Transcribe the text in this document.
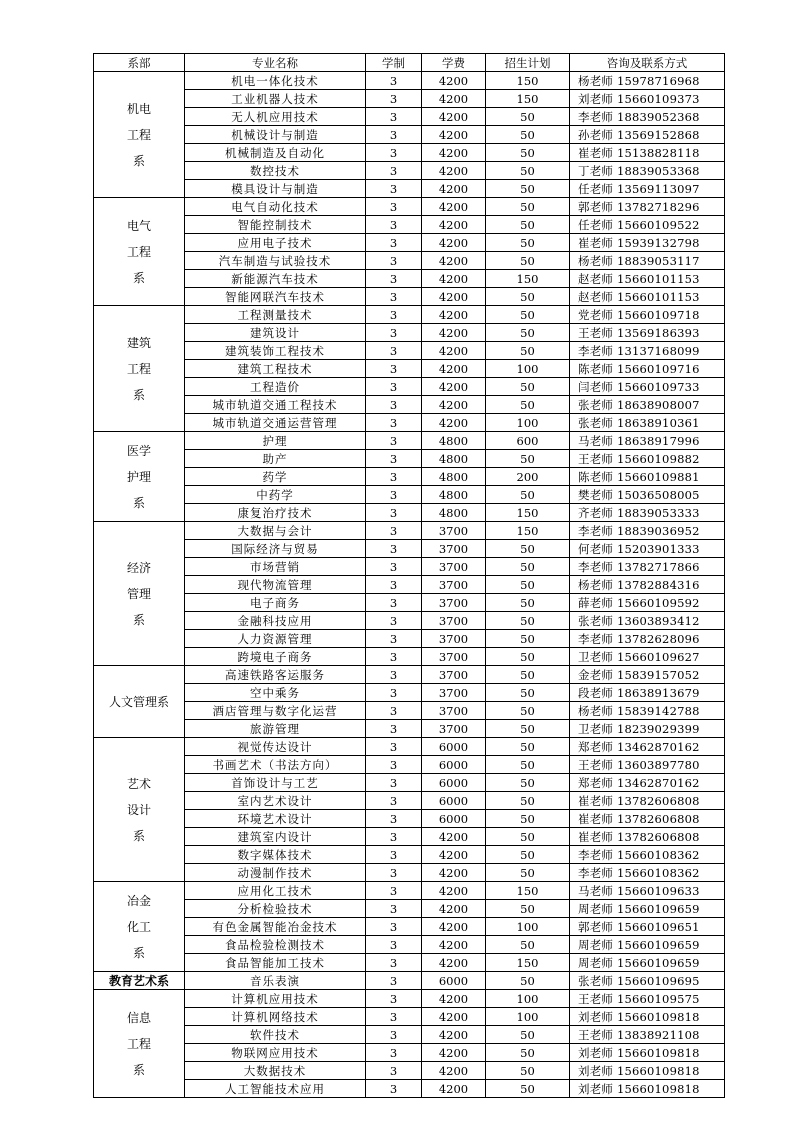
系部	专业名称	学制	学费	招生计划	咨询及联系方式

机电
工程
系	机电一体化技术	3	4200	150	杨老师 15978716968
	工业机器人技术	3	4200	150	刘老师 15660109373
	无人机应用技术	3	4200	50	李老师 18839052368
	机械设计与制造	3	4200	50	孙老师 13569152868
	机械制造及自动化	3	4200	50	崔老师 15138828118
	数控技术	3	4200	50	丁老师 18839053368
	模具设计与制造	3	4200	50	任老师 13569113097

电气
工程
系	电气自动化技术	3	4200	50	郭老师 13782718296
	智能控制技术	3	4200	50	任老师 15660109522
	应用电子技术	3	4200	50	崔老师 15939132798
	汽车制造与试验技术	3	4200	50	杨老师 18839053117
	新能源汽车技术	3	4200	150	赵老师 15660101153
	智能网联汽车技术	3	4200	50	赵老师 15660101153

建筑
工程
系	工程测量技术	3	4200	50	党老师 15660109718
	建筑设计	3	4200	50	王老师 13569186393
	建筑装饰工程技术	3	4200	50	李老师 13137168099
	建筑工程技术	3	4200	100	陈老师 15660109716
	工程造价	3	4200	50	闫老师 15660109733
	城市轨道交通工程技术	3	4200	50	张老师 18638908007
	城市轨道交通运营管理	3	4200	100	张老师 18638910361

医学
护理
系	护理	3	4800	600	马老师 18638917996
	助产	3	4800	50	王老师 15660109882
	药学	3	4800	200	陈老师 15660109881
	中药学	3	4800	50	樊老师 15036508005
	康复治疗技术	3	4800	150	齐老师 18839053333

经济
管理
系	大数据与会计	3	3700	150	李老师 18839036952
	国际经济与贸易	3	3700	50	何老师 15203901333
	市场营销	3	3700	50	李老师 13782717866
	现代物流管理	3	3700	50	杨老师 13782884316
	电子商务	3	3700	50	薛老师 15660109592
	金融科技应用	3	3700	50	张老师 13603893412
	人力资源管理	3	3700	50	李老师 13782628096
	跨境电子商务	3	3700	50	卫老师 15660109627

人文管理系	高速铁路客运服务	3	3700	50	金老师 15839157052
	空中乘务	3	3700	50	段老师 18638913679
	酒店管理与数字化运营	3	3700	50	杨老师 15839142788
	旅游管理	3	3700	50	卫老师 18239029399

艺术
设计
系	视觉传达设计	3	6000	50	郑老师 13462870162
	书画艺术（书法方向）	3	6000	50	王老师 13603897780
	首饰设计与工艺	3	6000	50	郑老师 13462870162
	室内艺术设计	3	6000	50	崔老师 13782606808
	环境艺术设计	3	6000	50	崔老师 13782606808
	建筑室内设计	3	4200	50	崔老师 13782606808
	数字媒体技术	3	4200	50	李老师 15660108362
	动漫制作技术	3	4200	50	李老师 15660108362

冶金
化工
系	应用化工技术	3	4200	150	马老师 15660109633
	分析检验技术	3	4200	50	周老师 15660109659
	有色金属智能冶金技术	3	4200	100	郭老师 15660109651
	食品检验检测技术	3	4200	50	周老师 15660109659
	食品智能加工技术	3	4200	150	周老师 15660109659

教育艺术系	音乐表演	3	6000	50	张老师 15660109695

信息
工程
系	计算机应用技术	3	4200	100	王老师 15660109575
	计算机网络技术	3	4200	100	刘老师 15660109818
	软件技术	3	4200	50	王老师 13838921108
	物联网应用技术	3	4200	50	刘老师 15660109818
	大数据技术	3	4200	50	刘老师 15660109818
	人工智能技术应用	3	4200	50	刘老师 15660109818
